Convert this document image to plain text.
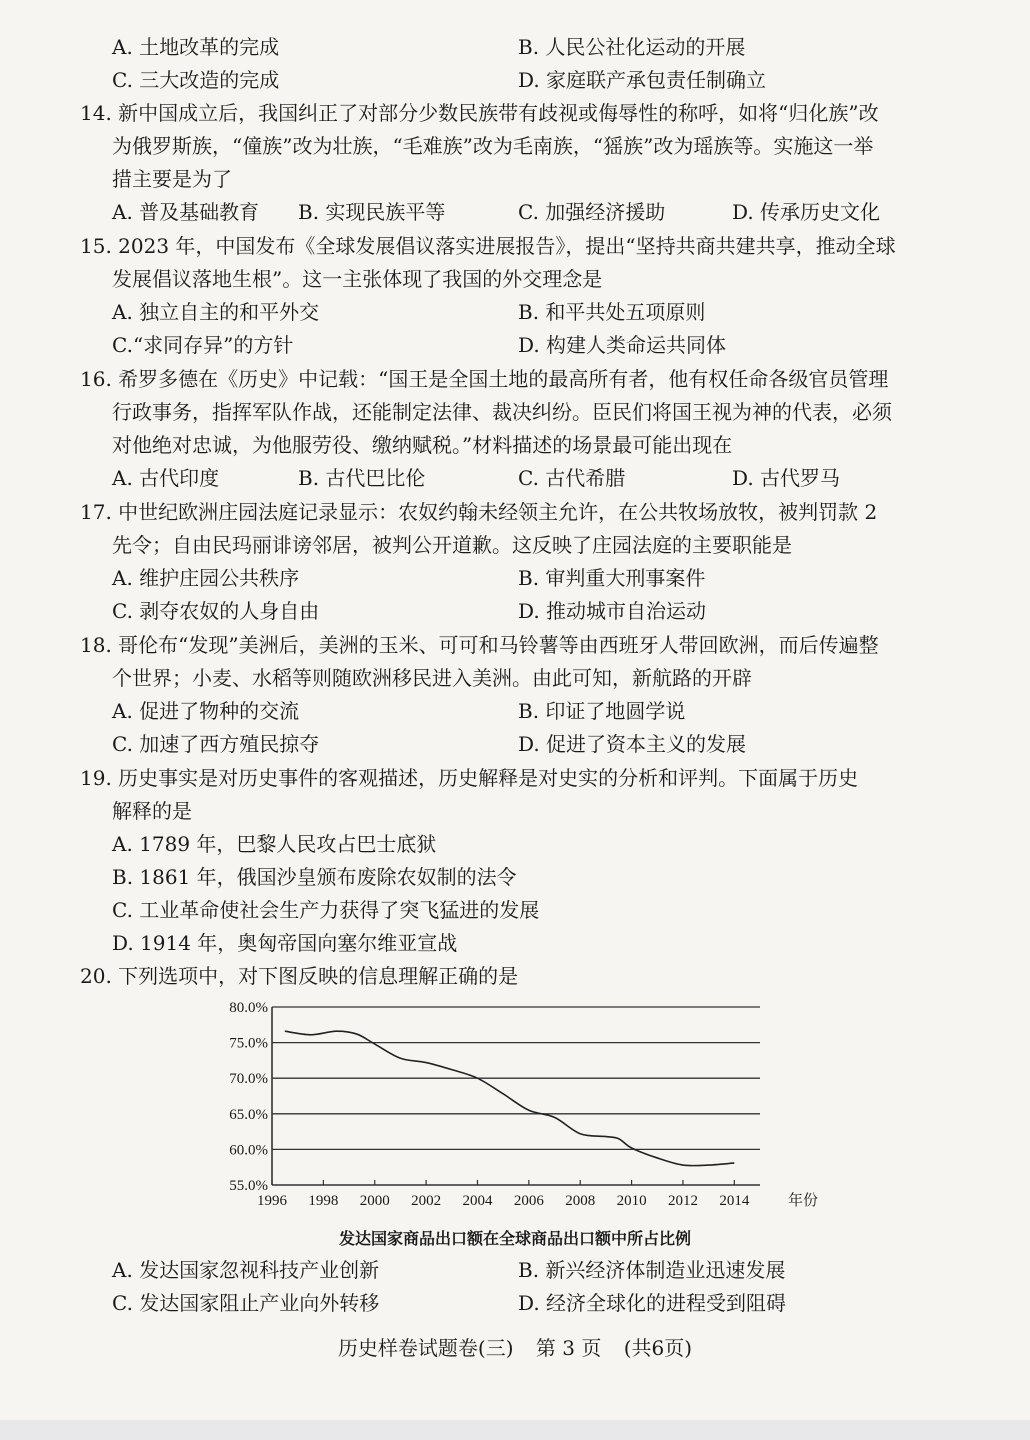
A. 土地改革的完成	B. 人民公社化运动的开展
C. 三大改造的完成	D. 家庭联产承包责任制确立
14. 新中国成立后，我国纠正了对部分少数民族带有歧视或侮辱性的称呼，如将“归化族”改
为俄罗斯族，“僮族”改为壮族，“毛难族”改为毛南族，“猺族”改为瑶族等。实施这一举
措主要是为了
A. 普及基础教育 B. 实现民族平等	C. 加强经济援助	D. 传承历史文化
15. 2023 年，中国发布《全球发展倡议落实进展报告》，提出“坚持共商共建共享，推动全球
发展倡议落地生根”。这一主张体现了我国的外交理念是
A. 独立自主的和平外交	B. 和平共处五项原则
C.“求同存异”的方针	D. 构建人类命运共同体
16. 希罗多德在《历史》中记载：“国王是全国土地的最高所有者，他有权任命各级官员管理
行政事务，指挥军队作战，还能制定法律、裁决纠纷。臣民们将国王视为神的代表，必须
对他绝对忠诚，为他服劳役、缴纳赋税。”材料描述的场景最可能出现在
A. 古代印度	B. 古代巴比伦	C. 古代希腊	D. 古代罗马
17. 中世纪欧洲庄园法庭记录显示：农奴约翰未经领主允许，在公共牧场放牧，被判罚款 2
先令；自由民玛丽诽谤邻居，被判公开道歉。这反映了庄园法庭的主要职能是
A. 维护庄园公共秩序	B. 审判重大刑事案件
C. 剥夺农奴的人身自由	D. 推动城市自治运动
18. 哥伦布“发现”美洲后，美洲的玉米、可可和马铃薯等由西班牙人带回欧洲，而后传遍整
个世界；小麦、水稻等则随欧洲移民进入美洲。由此可知，新航路的开辟
A. 促进了物种的交流	B. 印证了地圆学说
C. 加速了西方殖民掠夺	D. 促进了资本主义的发展
19. 历史事实是对历史事件的客观描述，历史解释是对史实的分析和评判。下面属于历史
解释的是
A. 1789 年，巴黎人民攻占巴士底狱
B. 1861 年，俄国沙皇颁布废除农奴制的法令
C. 工业革命使社会生产力获得了突飞猛进的发展
D. 1914 年，奥匈帝国向塞尔维亚宣战
20. 下列选项中，对下图反映的信息理解正确的是
80.0%
75.0%
70.0%
65.0%
60.0%
55.0%
1996 1998 2000 2002 2004 2006 2008 2010 2012 2014	年份
发达国家商品出口额在全球商品出口额中所占比例
A. 发达国家忽视科技产业创新	B. 新兴经济体制造业迅速发展
C. 发达国家阻止产业向外转移	D. 经济全球化的进程受到阻碍
历史样卷试题卷(三) 第 3 页 (共6页)
